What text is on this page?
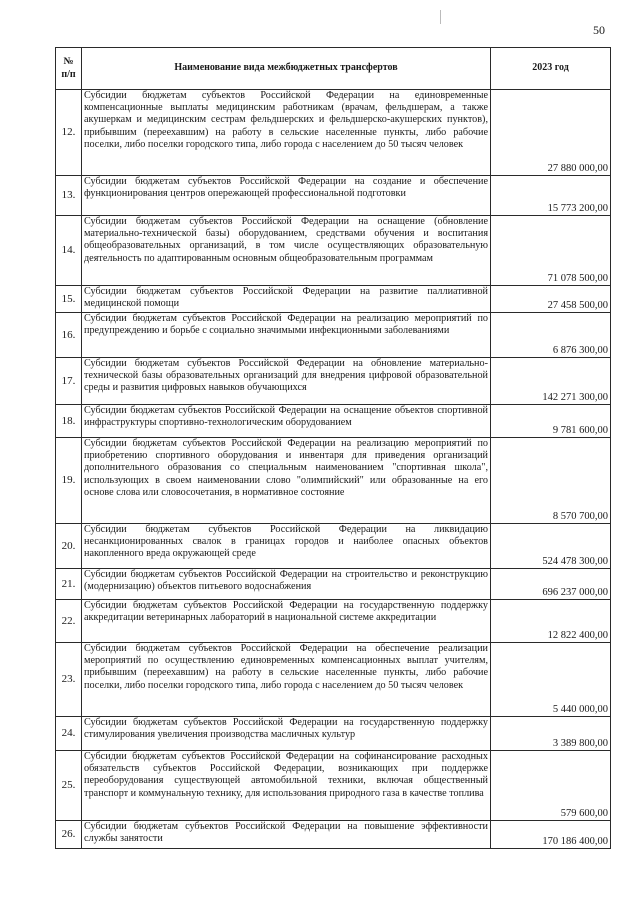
50
№ п/п	Наименование вида межбюджетных трансфертов	2023 год
12.	Субсидии бюджетам субъектов Российской Федерации на единовременные компенсационные выплаты медицинским работникам (врачам, фельдшерам, а также акушеркам и медицинским сестрам фельдшерских и фельдшерско-акушерских пунктов), прибывшим (переехавшим) на работу в сельские населенные пункты, либо рабочие поселки, либо поселки городского типа, либо города с населением до 50 тысяч человек	27 880 000,00
13.	Субсидии бюджетам субъектов Российской Федерации на создание и обеспечение функционирования центров опережающей профессиональной подготовки	15 773 200,00
14.	Субсидии бюджетам субъектов Российской Федерации на оснащение (обновление материально-технической базы) оборудованием, средствами обучения и воспитания общеобразовательных организаций, в том числе осуществляющих образовательную деятельность по адаптированным основным общеобразовательным программам	71 078 500,00
15.	Субсидии бюджетам субъектов Российской Федерации на развитие паллиативной медицинской помощи	27 458 500,00
16.	Субсидии бюджетам субъектов Российской Федерации на реализацию мероприятий по предупреждению и борьбе с социально значимыми инфекционными заболеваниями	6 876 300,00
17.	Субсидии бюджетам субъектов Российской Федерации на обновление материально-технической базы образовательных организаций для внедрения цифровой образовательной среды и развития цифровых навыков обучающихся	142 271 300,00
18.	Субсидии бюджетам субъектов Российской Федерации на оснащение объектов спортивной инфраструктуры спортивно-технологическим оборудованием	9 781 600,00
19.	Субсидии бюджетам субъектов Российской Федерации на реализацию мероприятий по приобретению спортивного оборудования и инвентаря для приведения организаций дополнительного образования со специальным наименованием "спортивная школа", использующих в своем наименовании слово "олимпийский" или образованные на его основе слова или словосочетания, в нормативное состояние	8 570 700,00
20.	Субсидии бюджетам субъектов Российской Федерации на ликвидацию несанкционированных свалок в границах городов и наиболее опасных объектов накопленного вреда окружающей среде	524 478 300,00
21.	Субсидии бюджетам субъектов Российской Федерации на строительство и реконструкцию (модернизацию) объектов питьевого водоснабжения	696 237 000,00
22.	Субсидии бюджетам субъектов Российской Федерации на государственную поддержку аккредитации ветеринарных лабораторий в национальной системе аккредитации	12 822 400,00
23.	Субсидии бюджетам субъектов Российской Федерации на обеспечение реализации мероприятий по осуществлению единовременных компенсационных выплат учителям, прибывшим (переехавшим) на работу в сельские населенные пункты, либо рабочие поселки, либо поселки городского типа, либо города с населением до 50 тысяч человек	5 440 000,00
24.	Субсидии бюджетам субъектов Российской Федерации на государственную поддержку стимулирования увеличения производства масличных культур	3 389 800,00
25.	Субсидии бюджетам субъектов Российской Федерации на софинансирование расходных обязательств субъектов Российской Федерации, возникающих при поддержке переоборудования существующей автомобильной техники, включая общественный транспорт и коммунальную технику, для использования природного газа в качестве топлива	579 600,00
26.	Субсидии бюджетам субъектов Российской Федерации на повышение эффективности службы занятости	170 186 400,00
